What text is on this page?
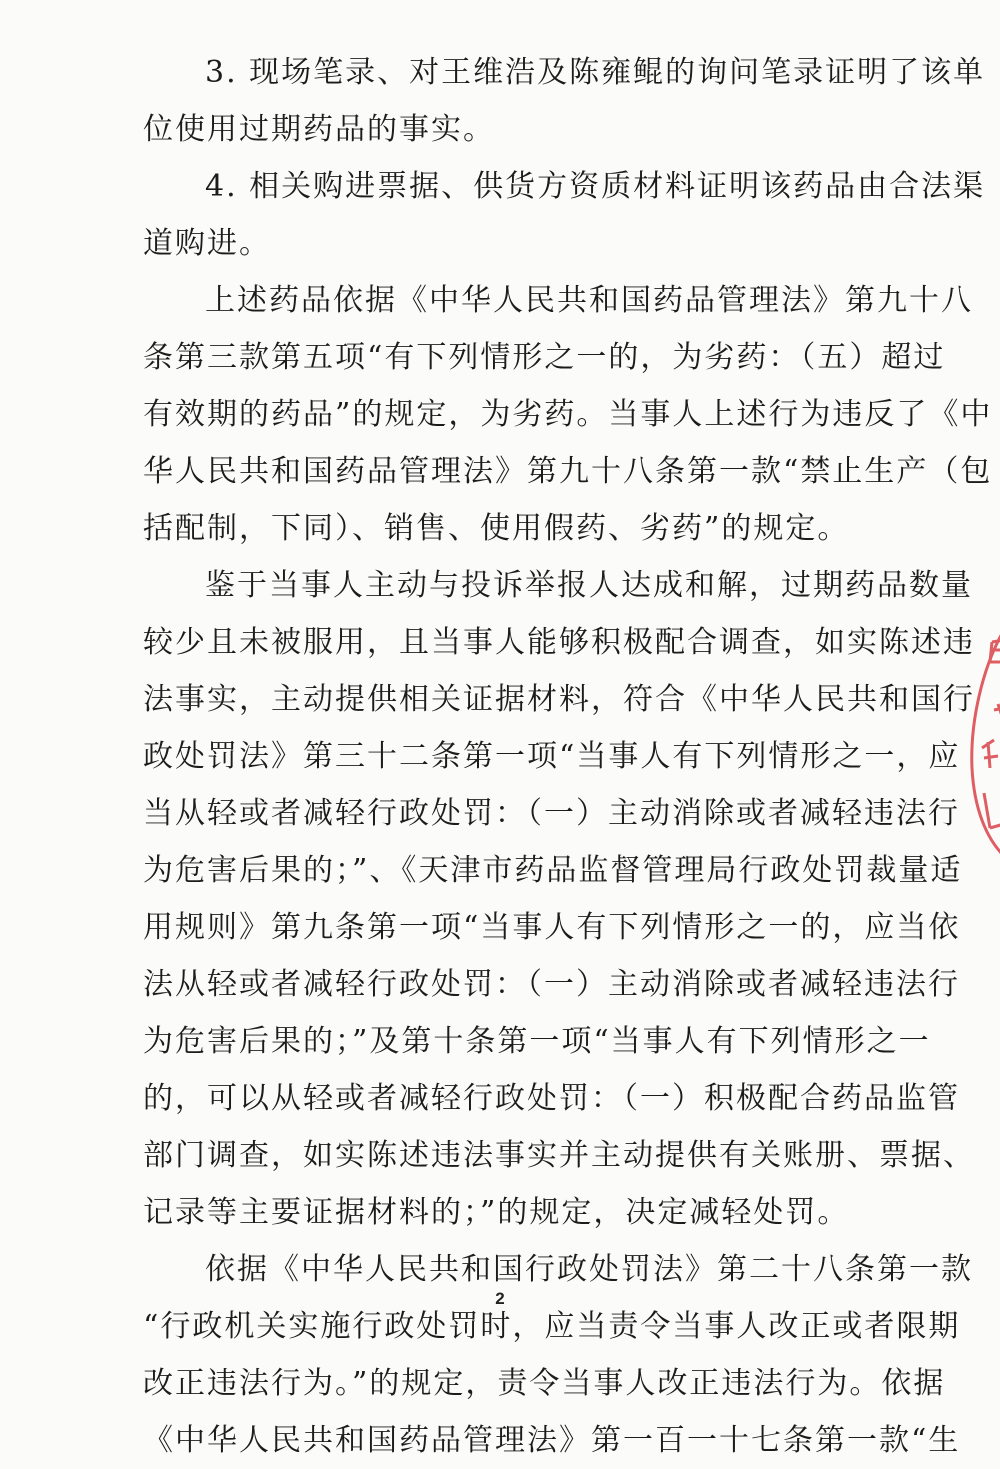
3. 现场笔录、对王维浩及陈雍鲲的询问笔录证明了该单
位使用过期药品的事实。
4. 相关购进票据、供货方资质材料证明该药品由合法渠
道购进。
上述药品依据《中华人民共和国药品管理法》第九十八
条第三款第五项“有下列情形之一的，为劣药：（五）超过
有效期的药品”的规定，为劣药。当事人上述行为违反了《中
华人民共和国药品管理法》第九十八条第一款“禁止生产（包
括配制，下同）、销售、使用假药、劣药”的规定。
鉴于当事人主动与投诉举报人达成和解，过期药品数量
较少且未被服用，且当事人能够积极配合调查，如实陈述违
法事实，主动提供相关证据材料，符合《中华人民共和国行
政处罚法》第三十二条第一项“当事人有下列情形之一，应
当从轻或者减轻行政处罚：（一）主动消除或者减轻违法行
为危害后果的；”、《天津市药品监督管理局行政处罚裁量适
用规则》第九条第一项“当事人有下列情形之一的，应当依
法从轻或者减轻行政处罚：（一）主动消除或者减轻违法行
为危害后果的；”及第十条第一项“当事人有下列情形之一
的，可以从轻或者减轻行政处罚：（一）积极配合药品监管
部门调查，如实陈述违法事实并主动提供有关账册、票据、
记录等主要证据材料的；”的规定，决定减轻处罚。
依据《中华人民共和国行政处罚法》第二十八条第一款
“行政机关实施行政处罚时，应当责令当事人改正或者限期
改正违法行为。”的规定，责令当事人改正违法行为。依据
《中华人民共和国药品管理法》第一百一十七条第一款“生
2
